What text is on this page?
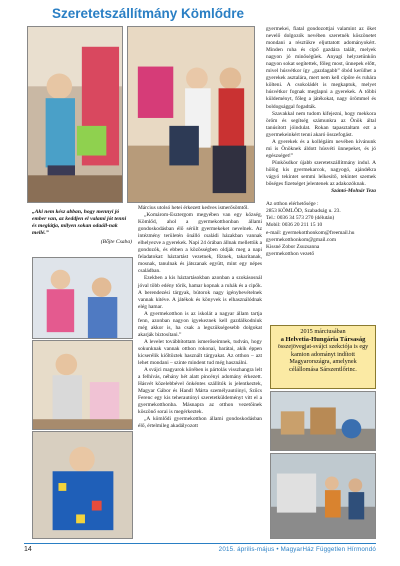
Szeretetszállítmány Kömlődre
„Aki nem kész abban, hogy mennyi jó ember van, az keddjen el valami jót tenni és meglátja, milyen sokan odaáll-nak mellé.”
(Bőjte Csaba)

Március utolsó hetei érkezett kedves ismerősömtől.

„Komárom-Esztergom megyében van egy község, Kömlőd, ahol a gyermekotthonban állami gondoskodásban élő sérült gyermekeket nevelnek. Az intézmény területén önálló családi házakban vannak elhelyezve a gyerekek. Napi 24 órában állnak mellettük a gondozók, és ebben a közösségben oldják meg a napi feladatokat: háztartást vezetnek, főznek, takarítanak, mosnak, tanulnak és játszanak együtt, mint egy népes családban.

Ezekben a kis háztartásokban azonban a szokásosnál jóval több edény törik, hamar kopnak a ruhák és a cipők. A berendezési tárgyak, bútorok nagy igénybevételnek vannak kitéve. A játékok és könyvek is elhasználódnak elég hamar.

A gyermekotthon is az iskolát a nagyar állam tartja fenn, azonban nagyon igyekeznek kell gazdálkodniuk még akkor is, ha csak a legszükségesebb dolgokat akarják biztosítani.”

A levelet továbbítottam ismerőseimnek, tudván, hogy sokunknak vannak otthon rokonai, barátai, akik éppen kicserélik kiőltöztek használt tárgyakat. Az otthon – azt lehet mondani – szinte mindent tud még használni.

A svájci magyarok körében is pártolás visszhangra lelt a felhívás, néhány hét alatt pincényi adomány érkezett. Hásvét közelebbével önkéntes szállítók is jelentkeztek, Magyar Gábor és Handl Márta személyautóinyi, Szűcs Ferenc egy kis teherautónyi szeretetküldeményt vitt el a gyermekotthonba. Másnapra az otthon vezetőinek köszönő sorai is megérkeztek.

„A kömlődi gyermekotthon állami gondoskodásban élő, értelmileg akadályozott

gyermekei, fiatal gondozottjai valamint az őket nevelő dolgozók nevében szeretnék köszönetet mondani a résztükre eljuttatott adományokért. Minden ruha és cipő gazdára talált, melyek nagyon jó minőségűek. Anyagi helyzetünkön nagyon sokat segítettek, főleg most, ünnepek előtt, mivel húsvétkor így „gazdagabb” óbód kerülhet a gyerekek asztalára, mert nem kell cipőre és ruhára költeni. A csokoládét is megkaptuk, melyet húsvétkor fognak meglapni a gyerekek. A többi küldeményt, főleg a játékokat, nagy örömmel és boldogsággal fogadták.

Szavakkal nem tudom kifejezni, hogy mekkora öröm és segítség számunkra az Önök által tanúsított jóindulat. Rokan tapasztaltam ezt a gyermekeinkért tenni akaró összefogást.

A gyerekek és a kollégáim nevében kívánunk mi is Önöknek áldott húsvéti ünnepeket, és jó egészséget!”

Pünkösdkor újabb szeretetszállítmány indul. A hölög kis gyermekarcok, nagyogó, ajándékra vágyó tekintet semmi lelkesítő, tekintet szemek bőséges fizetséget jelentenek az adakozóknak.

Szántó-Molnár Teza

Az otthon elérhetősége :

2853 KÖMLŐD, Szabadság u. 23.

Tel.: 0036 34 573 270 (délután)

Mobil: 0036 20 211 15 10

e-mail: gyermekotthonkom@freemail.hu

gyermekotthonkom@gmail.com

Kissné Zobor Zsuzsanna

gyermekotthon vezető

2015 márciusában
a Helvetia-Hungária Társaság
összejövegjat-svájci szekciója is egy
kamion adományt indított
Magyarországra, amelynek
célállomása Sárszentlőrinc.
14	2015. április-május • MagyarHáz Független Hírmondó
